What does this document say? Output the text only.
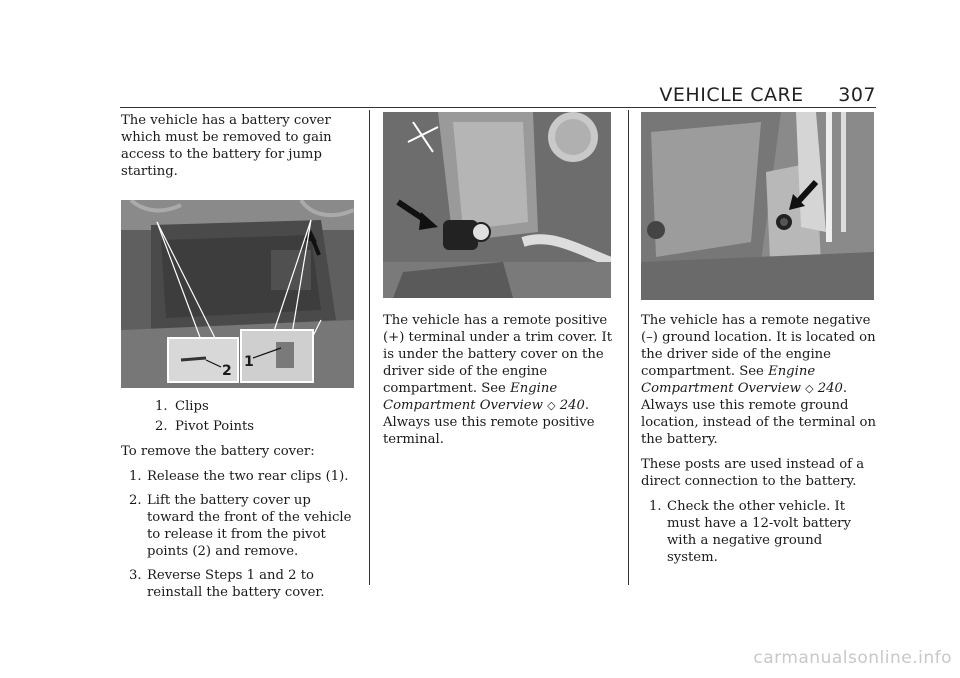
VEHICLE CARE 307

The vehicle has a battery cover which must be removed to gain access to the battery for jump starting.

2
1
1. Clips
2. Pivot Points

To remove the battery cover:

1. Release the two rear clips (1).
2. Lift the battery cover up toward the front of the vehicle to release it from the pivot points (2) and remove.
3. Reverse Steps 1 and 2 to reinstall the battery cover.

The vehicle has a remote positive (+) terminal under a trim cover. It is under the battery cover on the driver side of the engine compartment. See Engine Compartment Overview ◇ 240. Always use this remote positive terminal.

The vehicle has a remote negative (–) ground location. It is located on the driver side of the engine compartment. See Engine Compartment Overview ◇ 240. Always use this remote ground location, instead of the terminal on the battery.

These posts are used instead of a direct connection to the battery.

1. Check the other vehicle. It must have a 12-volt battery with a negative ground system.
carmanualsonline.info
